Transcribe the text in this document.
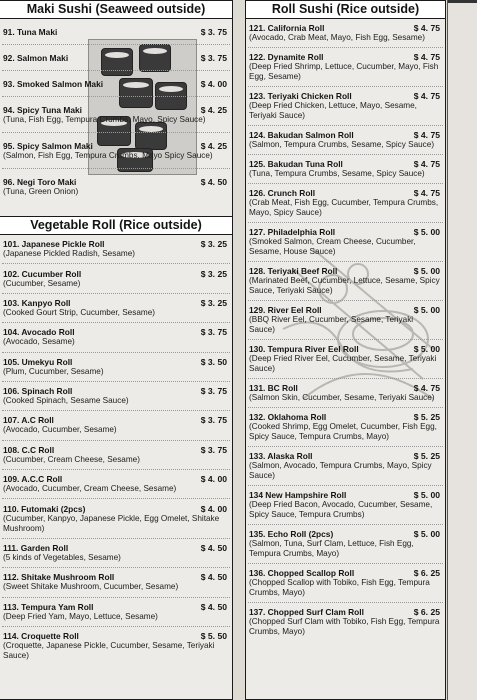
Maki Sushi (Seaweed outside)
91. Tuna Maki	$ 3. 75
92. Salmon Maki	$ 3. 75
93. Smoked Salmon Maki	$ 4. 00
94. Spicy Tuna Maki	$ 4. 25
(Tuna, Fish Egg, Tempura Crumbs, Mayo, Spicy Sauce)
95. Spicy Salmon Maki	$ 4. 25
(Salmon, Fish Egg, Tempura Crumbs, Mayo Spicy Sauce)
96. Negi Toro Maki	$ 4. 50
(Tuna, Green Onion)
Vegetable Roll (Rice outside)
101. Japanese Pickle Roll	$ 3. 25
(Japanese Pickled Radish, Sesame)
102. Cucumber Roll	$ 3. 25
(Cucumber, Sesame)
103. Kanpyo Roll	$ 3. 25
(Cooked Gourt Strip, Cucumber, Sesame)
104. Avocado Roll	$ 3. 75
(Avocado, Sesame)
105. Umekyu Roll	$ 3. 50
(Plum, Cucumber, Sesame)
106. Spinach Roll	$ 3. 75
(Cooked Spinach, Sesame Sauce)
107. A.C Roll	$ 3. 75
(Avocado, Cucumber, Sesame)
108. C.C Roll	$ 3. 75
(Cucumber, Cream Cheese, Sesame)
109. A.C.C Roll	$ 4. 00
(Avocado, Cucumber, Cream Cheese, Sesame)
110. Futomaki (2pcs)	$ 4. 00
(Cucumber, Kanpyo, Japanese Pickle, Egg Omelet, Shitake Mushroom)
111. Garden Roll	$ 4. 50
(5 kinds of Vegetables, Sesame)
112. Shitake Mushroom Roll	$ 4. 50
(Sweet Shitake Mushroom, Cucumber, Sesame)
113. Tempura Yam Roll	$ 4. 50
(Deep Fried Yam, Mayo, Lettuce, Sesame)
114. Croquette Roll	$ 5. 50
(Croquette, Japanese Pickle, Cucumber, Sesame, Teriyaki Sauce)
Roll Sushi (Rice outside)
121. California Roll	$ 4. 75
(Avocado, Crab Meat, Mayo, Fish Egg, Sesame)
122. Dynamite Roll	$ 4. 75
(Deep Fried Shrimp, Lettuce, Cucumber, Mayo, Fish Egg, Sesame)
123. Teriyaki Chicken Roll	$ 4. 75
(Deep Fried Chicken, Lettuce, Mayo, Sesame, Teriyaki Sauce)
124. Bakudan Salmon Roll	$ 4. 75
(Salmon, Tempura Crumbs, Sesame, Spicy Sauce)
125. Bakudan Tuna Roll	$ 4. 75
(Tuna, Tempura Crumbs, Sesame, Spicy Sauce)
126. Crunch Roll	$ 4. 75
(Crab Meat, Fish Egg, Cucumber, Tempura Crumbs, Mayo, Spicy Sauce)
127. Philadelphia Roll	$ 5. 00
(Smoked Salmon, Cream Cheese, Cucumber, Sesame, House Sauce)
128. Teriyaki Beef Roll	$ 5. 00
(Marinated Beef, Cucumber, Lettuce, Sesame, Spicy Sauce, Teriyaki Sauce)
129. River Eel Roll	$ 5. 00
(BBQ River Eel, Cucumber, Sesame, Teriyaki Sauce)
130. Tempura River Eel Roll	$ 5. 00
(Deep Fried River Eel, Cucumber, Sesame, Teriyaki Sauce)
131. BC Roll	$ 4. 75
(Salmon Skin, Cucumber, Sesame, Teriyaki Sauce)
132. Oklahoma Roll	$ 5. 25
(Cooked Shrimp, Egg Omelet, Cucumber, Fish Egg, Spicy Sauce, Tempura Crumbs, Mayo)
133. Alaska Roll	$ 5. 25
(Salmon, Avocado, Tempura Crumbs, Mayo, Spicy Sauce)
134 New Hampshire Roll	$ 5. 00
(Deep Fried Bacon, Avocado, Cucumber, Sesame, Spicy Sauce, Tempura Crumbs)
135. Echo Roll (2pcs)	$ 5. 00
(Salmon, Tuna, Surf Clam, Lettuce, Fish Egg, Tempura Crumbs, Mayo)
136. Chopped Scallop Roll	$ 6. 25
(Chopped Scallop with Tobiko, Fish Egg, Tempura Crumbs, Mayo)
137. Chopped Surf Clam Roll	$ 6. 25
(Chopped Surf Clam with Tobiko, Fish Egg, Tempura Crumbs, Mayo)
